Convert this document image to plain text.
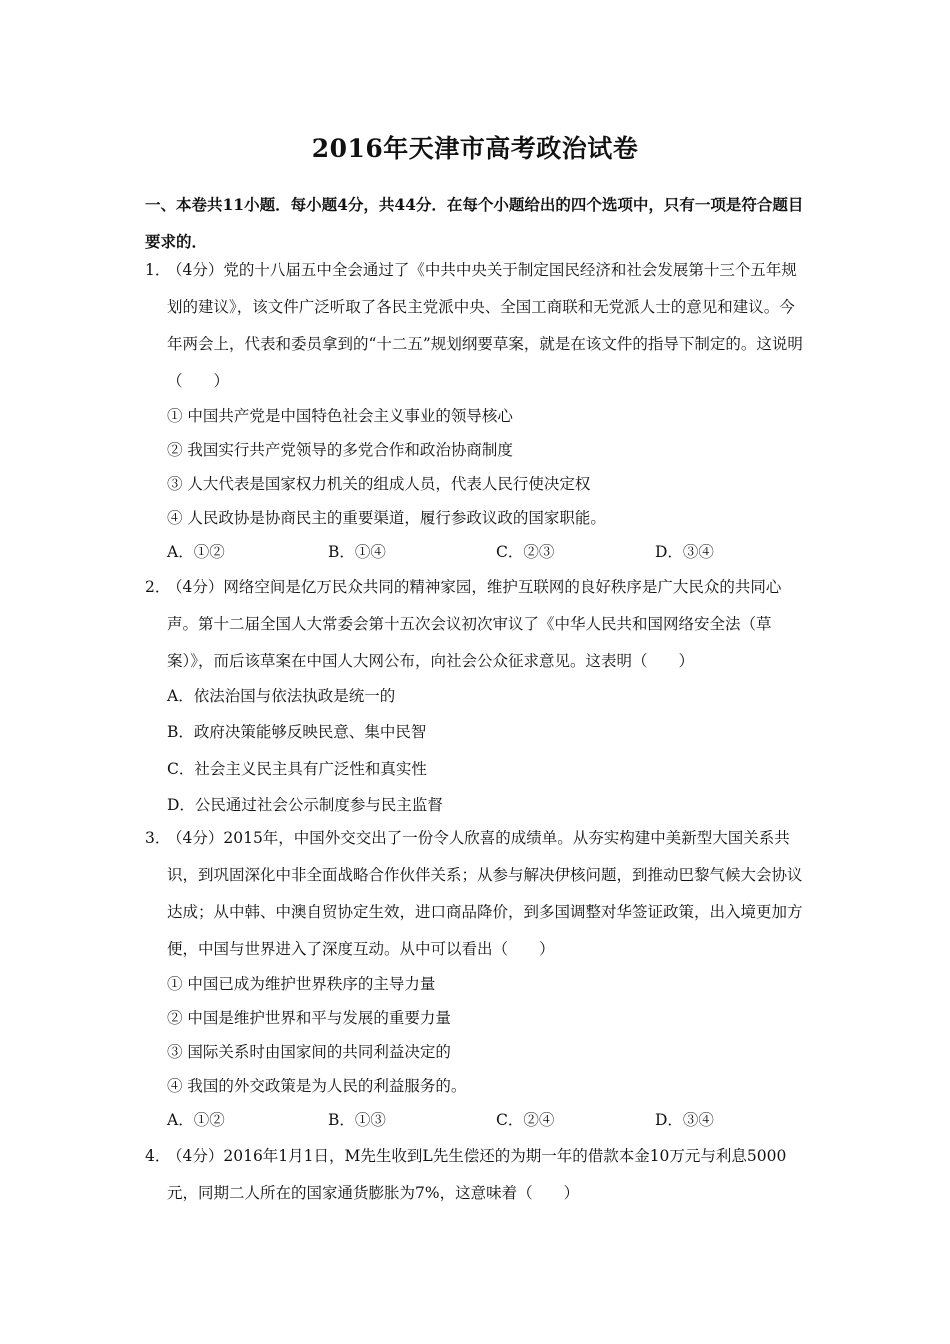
2016年天津市高考政治试卷
一、本卷共11小题．每小题4分，共44分．在每个小题给出的四个选项中，只有一项是符合题目要求的．
1．
（4分）党的十八届五中全会通过了《中共中央关于制定国民经济和社会发展第十三个五年规划的建议》，该文件广泛听取了各民主党派中央、全国工商联和无党派人士的意见和建议。今年两会上，代表和委员拿到的“十二五”规划纲要草案，就是在该文件的指导下制定的。这说明（　　）
① 中国共产党是中国特色社会主义事业的领导核心
② 我国实行共产党领导的多党合作和政治协商制度
③ 人大代表是国家权力机关的组成人员，代表人民行使决定权
④ 人民政协是协商民主的重要渠道，履行参政议政的国家职能。
A．①②	B．①④	C．②③	D．③④
2．
（4分）网络空间是亿万民众共同的精神家园，维护互联网的良好秩序是广大民众的共同心声。第十二届全国人大常委会第十五次会议初次审议了《中华人民共和国网络安全法（草案）》，而后该草案在中国人大网公布，向社会公众征求意见。这表明（　　）
A．依法治国与依法执政是统一的
B．政府决策能够反映民意、集中民智
C．社会主义民主具有广泛性和真实性
D．公民通过社会公示制度参与民主监督
3．
（4分）2015年，中国外交交出了一份令人欣喜的成绩单。从夯实构建中美新型大国关系共识，到巩固深化中非全面战略合作伙伴关系；从参与解决伊核问题，到推动巴黎气候大会协议达成；从中韩、中澳自贸协定生效，进口商品降价，到多国调整对华签证政策，出入境更加方便，中国与世界进入了深度互动。从中可以看出（　　）
① 中国已成为维护世界秩序的主导力量
② 中国是维护世界和平与发展的重要力量
③ 国际关系时由国家间的共同利益决定的
④ 我国的外交政策是为人民的利益服务的。
A．①②	B．①③	C．②④	D．③④
4．
（4分）2016年1月1日，M先生收到L先生偿还的为期一年的借款本金10万元与利息5000元，同期二人所在的国家通货膨胀为7%，这意味着（　　）
